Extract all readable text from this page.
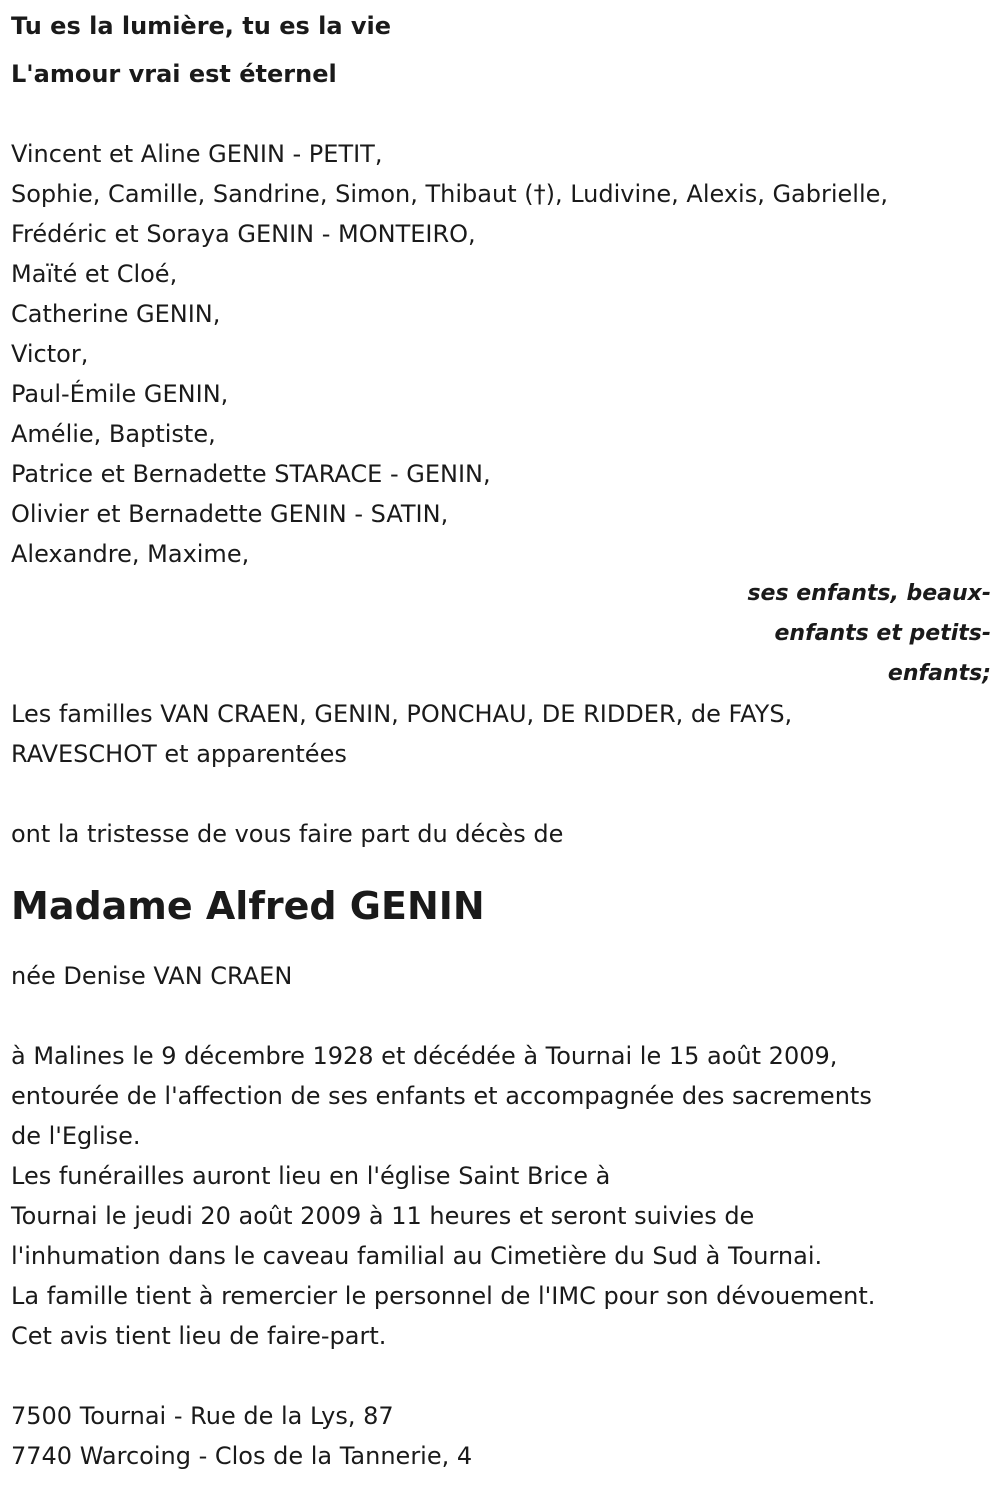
Tu es la lumière, tu es la vie
L'amour vrai est éternel
Vincent et Aline GENIN - PETIT,
Sophie, Camille, Sandrine, Simon, Thibaut (†), Ludivine, Alexis, Gabrielle,
Frédéric et Soraya GENIN - MONTEIRO,
Maïté et Cloé,
Catherine GENIN,
Victor,
Paul-Émile GENIN,
Amélie, Baptiste,
Patrice et Bernadette STARACE - GENIN,
Olivier et Bernadette GENIN - SATIN,
Alexandre, Maxime,
ses enfants, beaux-
enfants et petits-
enfants;
Les familles VAN CRAEN, GENIN, PONCHAU, DE RIDDER, de FAYS,
RAVESCHOT et apparentées
ont la tristesse de vous faire part du décès de
Madame Alfred GENIN
née Denise VAN CRAEN
à Malines le 9 décembre 1928 et décédée à Tournai le 15 août 2009,
entourée de l'affection de ses enfants et accompagnée des sacrements
de l'Eglise.
Les funérailles auront lieu en l'église Saint Brice à
Tournai le jeudi 20 août 2009 à 11 heures et seront suivies de
l'inhumation dans le caveau familial au Cimetière du Sud à Tournai.
La famille tient à remercier le personnel de l'IMC pour son dévouement.
Cet avis tient lieu de faire-part.
7500 Tournai - Rue de la Lys, 87
7740 Warcoing - Clos de la Tannerie, 4
